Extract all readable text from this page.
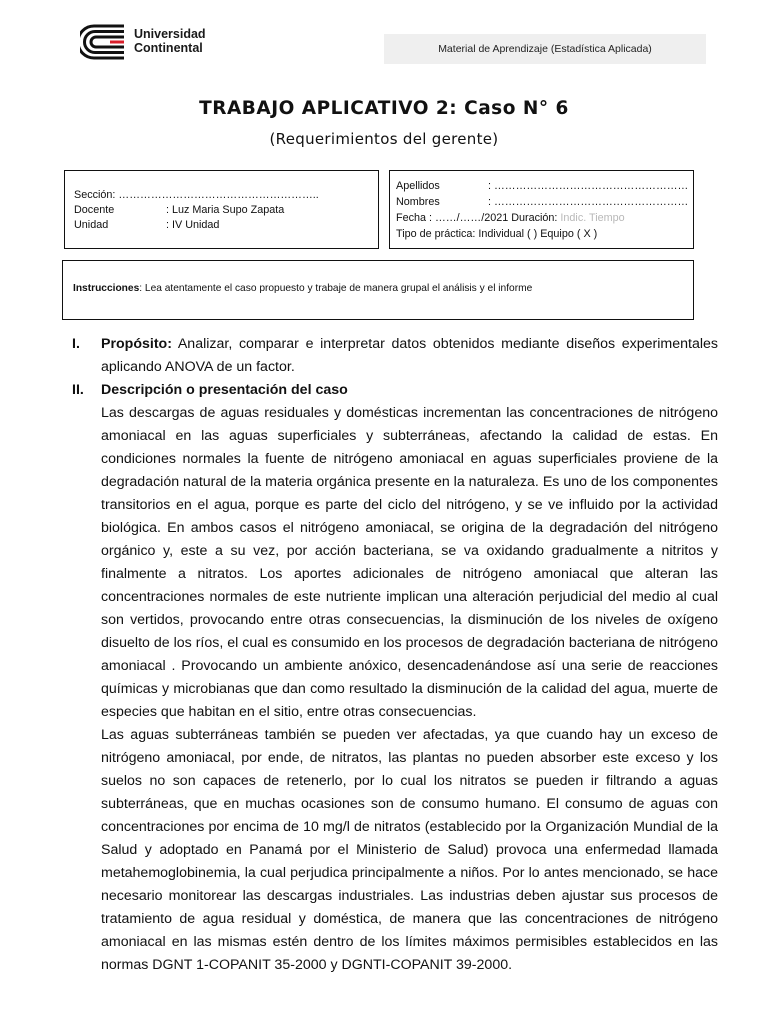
Universidad
Continental	Material de Aprendizaje (Estadística Aplicada)
TRABAJO APLICATIVO 2: Caso N° 6
(Requerimientos del gerente)
Sección: ………………………………………………..
Docente	: Luz Maria Supo Zapata
Unidad	: IV Unidad
Apellidos	: ………………………………………………
Nombres	: ………………………………………………
Fecha : ……/……/2021 Duración: Indic. Tiempo
Tipo de práctica: Individual ( ) Equipo ( X )
Instrucciones: Lea atentamente el caso propuesto y trabaje de manera grupal el análisis y el informe
I. Propósito: Analizar, comparar e interpretar datos obtenidos mediante diseños experimentales aplicando ANOVA de un factor.
II. Descripción o presentación del caso
Las descargas de aguas residuales y domésticas incrementan las concentraciones de nitrógeno amoniacal en las aguas superficiales y subterráneas, afectando la calidad de estas. En condiciones normales la fuente de nitrógeno amoniacal en aguas superficiales proviene de la degradación natural de la materia orgánica presente en la naturaleza. Es uno de los componentes transitorios en el agua, porque es parte del ciclo del nitrógeno, y se ve influido por la actividad biológica. En ambos casos el nitrógeno amoniacal, se origina de la degradación del nitrógeno orgánico y, este a su vez, por acción bacteriana, se va oxidando gradualmente a nitritos y finalmente a nitratos. Los aportes adicionales de nitrógeno amoniacal que alteran las concentraciones normales de este nutriente implican una alteración perjudicial del medio al cual son vertidos, provocando entre otras consecuencias, la disminución de los niveles de oxígeno disuelto de los ríos, el cual es consumido en los procesos de degradación bacteriana de nitrógeno amoniacal . Provocando un ambiente anóxico, desencadenándose así una serie de reacciones químicas y microbianas que dan como resultado la disminución de la calidad del agua, muerte de especies que habitan en el sitio, entre otras consecuencias.
Las aguas subterráneas también se pueden ver afectadas, ya que cuando hay un exceso de nitrógeno amoniacal, por ende, de nitratos, las plantas no pueden absorber este exceso y los suelos no son capaces de retenerlo, por lo cual los nitratos se pueden ir filtrando a aguas subterráneas, que en muchas ocasiones son de consumo humano. El consumo de aguas con concentraciones por encima de 10 mg/l de nitratos (establecido por la Organización Mundial de la Salud y adoptado en Panamá por el Ministerio de Salud) provoca una enfermedad llamada metahemoglobinemia, la cual perjudica principalmente a niños. Por lo antes mencionado, se hace necesario monitorear las descargas industriales. Las industrias deben ajustar sus procesos de tratamiento de agua residual y doméstica, de manera que las concentraciones de nitrógeno amoniacal en las mismas estén dentro de los límites máximos permisibles establecidos en las normas DGNT 1-COPANIT 35-2000 y DGNTI-COPANIT 39-2000.
